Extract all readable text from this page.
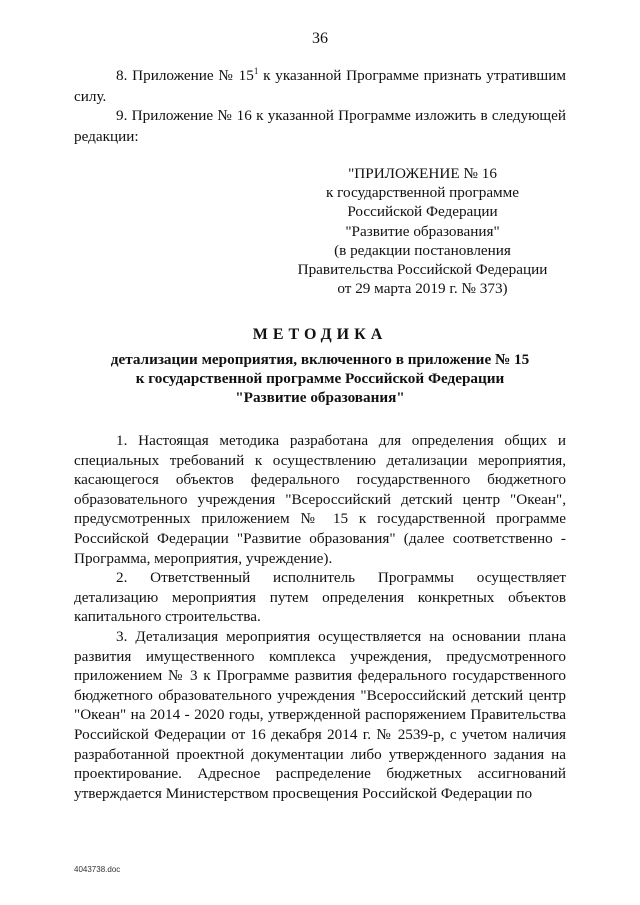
36
8. Приложение № $15^1$ к указанной Программе признать утратившим силу.
9. Приложение № 16 к указанной Программе изложить в следующей редакции:
"ПРИЛОЖЕНИЕ № 16
к государственной программе
Российской Федерации
"Развитие образования"
(в редакции постановления
Правительства Российской Федерации
от 29 марта 2019 г. № 373)
МЕТОДИКА
детализации мероприятия, включенного в приложение № 15
к государственной программе Российской Федерации
"Развитие образования"

1. Настоящая методика разработана для определения общих и специальных требований к осуществлению детализации мероприятия, касающегося объектов федерального государственного бюджетного образовательного учреждения "Всероссийский детский центр "Океан", предусмотренных приложением № 15 к государственной программе Российской Федерации "Развитие образования" (далее соответственно - Программа, мероприятия, учреждение).

2. Ответственный исполнитель Программы осуществляет детализацию мероприятия путем определения конкретных объектов капитального строительства.

3. Детализация мероприятия осуществляется на основании плана развития имущественного комплекса учреждения, предусмотренного приложением № 3 к Программе развития федерального государственного бюджетного образовательного учреждения "Всероссийский детский центр "Океан" на 2014 - 2020 годы, утвержденной распоряжением Правительства Российской Федерации от 16 декабря 2014 г. № 2539-р, с учетом наличия разработанной проектной документации либо утвержденного задания на проектирование. Адресное распределение бюджетных ассигнований утверждается Министерством просвещения Российской Федерации по

4043738.doc
